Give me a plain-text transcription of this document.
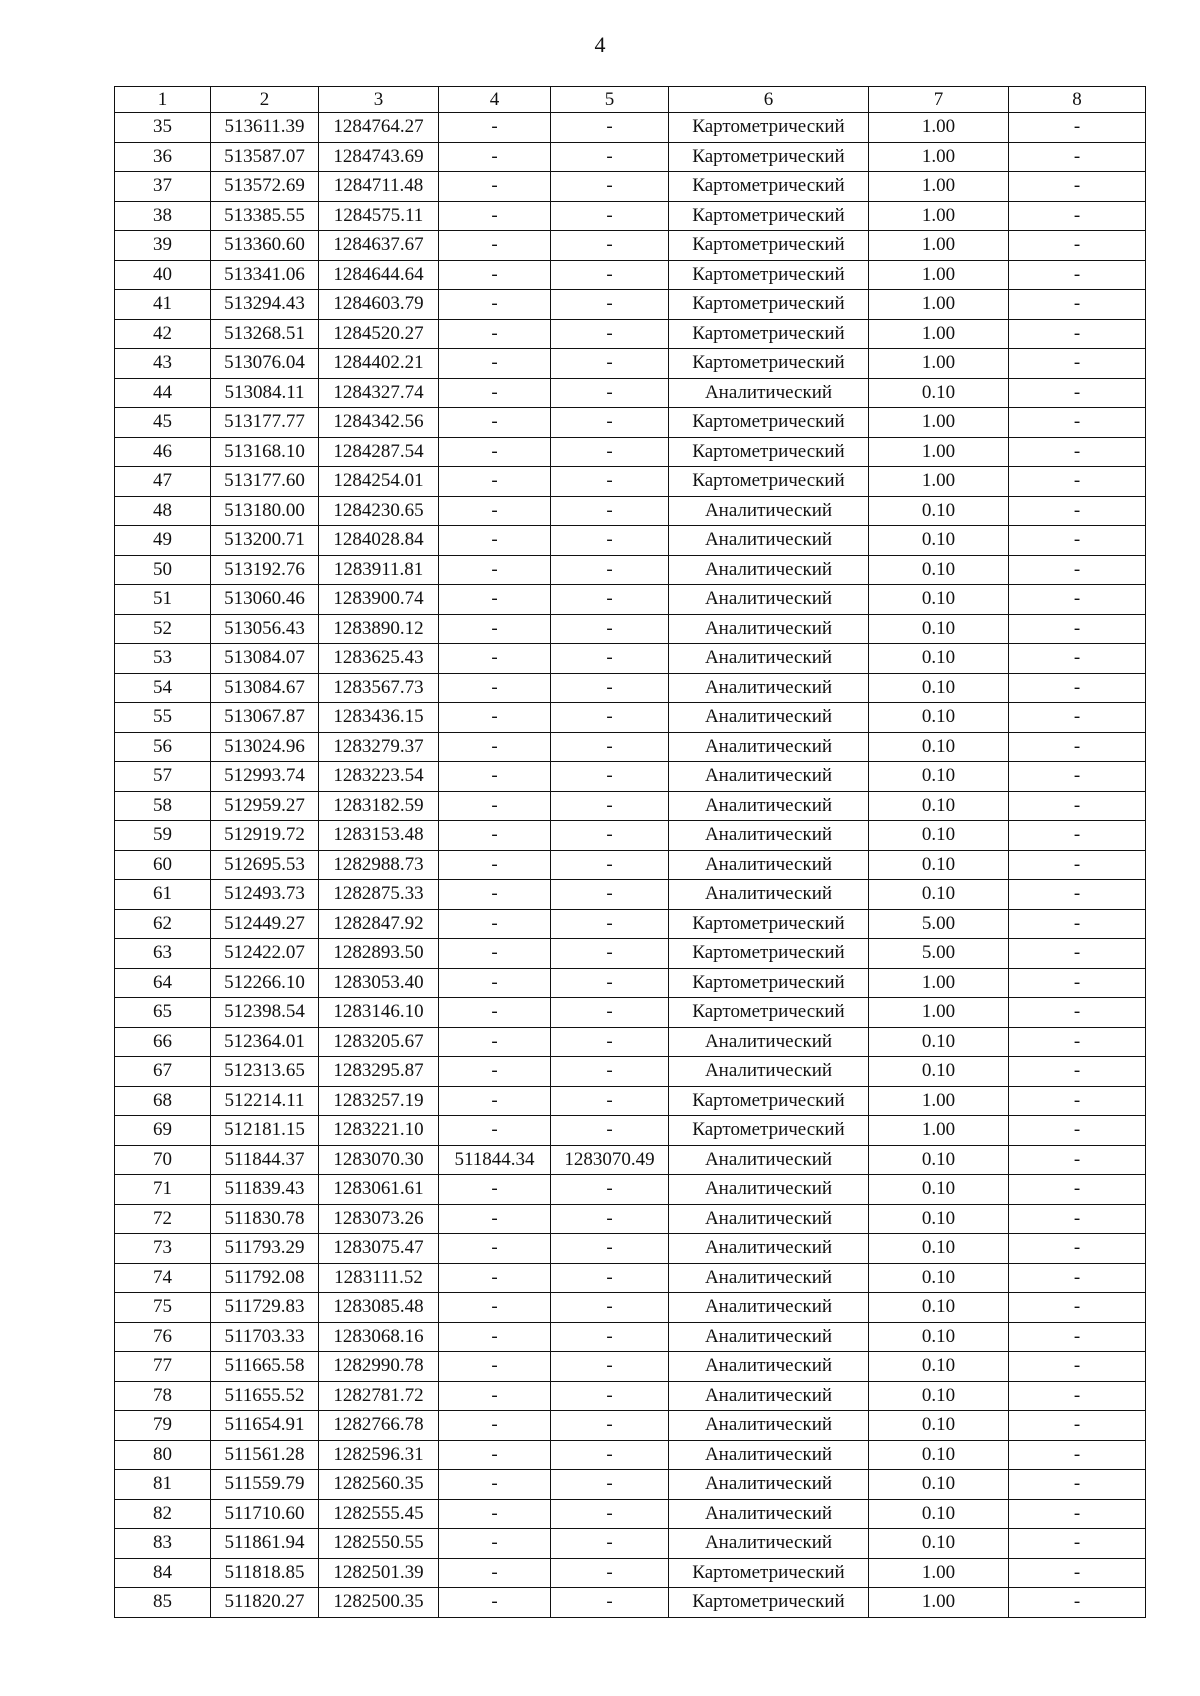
4
1	2	3	4	5	6	7	8
35	513611.39	1284764.27	-	-	Картометрический	1.00	-
36	513587.07	1284743.69	-	-	Картометрический	1.00	-
37	513572.69	1284711.48	-	-	Картометрический	1.00	-
38	513385.55	1284575.11	-	-	Картометрический	1.00	-
39	513360.60	1284637.67	-	-	Картометрический	1.00	-
40	513341.06	1284644.64	-	-	Картометрический	1.00	-
41	513294.43	1284603.79	-	-	Картометрический	1.00	-
42	513268.51	1284520.27	-	-	Картометрический	1.00	-
43	513076.04	1284402.21	-	-	Картометрический	1.00	-
44	513084.11	1284327.74	-	-	Аналитический	0.10	-
45	513177.77	1284342.56	-	-	Картометрический	1.00	-
46	513168.10	1284287.54	-	-	Картометрический	1.00	-
47	513177.60	1284254.01	-	-	Картометрический	1.00	-
48	513180.00	1284230.65	-	-	Аналитический	0.10	-
49	513200.71	1284028.84	-	-	Аналитический	0.10	-
50	513192.76	1283911.81	-	-	Аналитический	0.10	-
51	513060.46	1283900.74	-	-	Аналитический	0.10	-
52	513056.43	1283890.12	-	-	Аналитический	0.10	-
53	513084.07	1283625.43	-	-	Аналитический	0.10	-
54	513084.67	1283567.73	-	-	Аналитический	0.10	-
55	513067.87	1283436.15	-	-	Аналитический	0.10	-
56	513024.96	1283279.37	-	-	Аналитический	0.10	-
57	512993.74	1283223.54	-	-	Аналитический	0.10	-
58	512959.27	1283182.59	-	-	Аналитический	0.10	-
59	512919.72	1283153.48	-	-	Аналитический	0.10	-
60	512695.53	1282988.73	-	-	Аналитический	0.10	-
61	512493.73	1282875.33	-	-	Аналитический	0.10	-
62	512449.27	1282847.92	-	-	Картометрический	5.00	-
63	512422.07	1282893.50	-	-	Картометрический	5.00	-
64	512266.10	1283053.40	-	-	Картометрический	1.00	-
65	512398.54	1283146.10	-	-	Картометрический	1.00	-
66	512364.01	1283205.67	-	-	Аналитический	0.10	-
67	512313.65	1283295.87	-	-	Аналитический	0.10	-
68	512214.11	1283257.19	-	-	Картометрический	1.00	-
69	512181.15	1283221.10	-	-	Картометрический	1.00	-
70	511844.37	1283070.30	511844.34	1283070.49	Аналитический	0.10	-
71	511839.43	1283061.61	-	-	Аналитический	0.10	-
72	511830.78	1283073.26	-	-	Аналитический	0.10	-
73	511793.29	1283075.47	-	-	Аналитический	0.10	-
74	511792.08	1283111.52	-	-	Аналитический	0.10	-
75	511729.83	1283085.48	-	-	Аналитический	0.10	-
76	511703.33	1283068.16	-	-	Аналитический	0.10	-
77	511665.58	1282990.78	-	-	Аналитический	0.10	-
78	511655.52	1282781.72	-	-	Аналитический	0.10	-
79	511654.91	1282766.78	-	-	Аналитический	0.10	-
80	511561.28	1282596.31	-	-	Аналитический	0.10	-
81	511559.79	1282560.35	-	-	Аналитический	0.10	-
82	511710.60	1282555.45	-	-	Аналитический	0.10	-
83	511861.94	1282550.55	-	-	Аналитический	0.10	-
84	511818.85	1282501.39	-	-	Картометрический	1.00	-
85	511820.27	1282500.35	-	-	Картометрический	1.00	-
